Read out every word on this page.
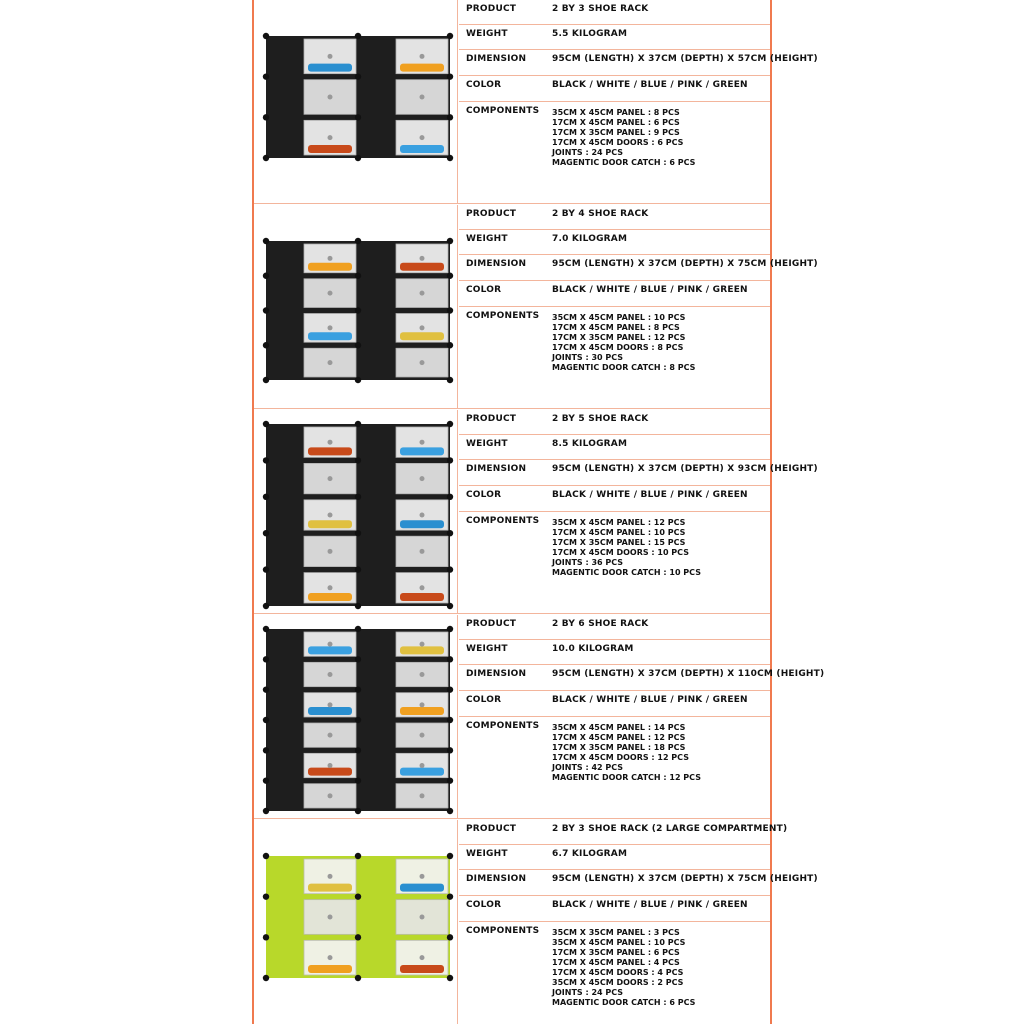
PRODUCT	2 BY 3 SHOE RACK
WEIGHT	5.5 KILOGRAM
DIMENSION	95CM (LENGTH) X 37CM (DEPTH) X 57CM (HEIGHT)
COLOR	BLACK / WHITE / BLUE / PINK / GREEN
COMPONENTS 35CM X 45CM PANEL : 8 PCS
17CM X 45CM PANEL : 6 PCS
17CM X 35CM PANEL : 9 PCS
17CM X 45CM DOORS : 6 PCS
JOINTS : 24 PCS
MAGENTIC DOOR CATCH : 6 PCS
PRODUCT	2 BY 4 SHOE RACK
WEIGHT	7.0 KILOGRAM
DIMENSION	95CM (LENGTH) X 37CM (DEPTH) X 75CM (HEIGHT)
COLOR	BLACK / WHITE / BLUE / PINK / GREEN
COMPONENTS 35CM X 45CM PANEL : 10 PCS
17CM X 45CM PANEL : 8 PCS
17CM X 35CM PANEL : 12 PCS
17CM X 45CM DOORS : 8 PCS
JOINTS : 30 PCS
MAGENTIC DOOR CATCH : 8 PCS
PRODUCT	2 BY 5 SHOE RACK
WEIGHT	8.5 KILOGRAM
DIMENSION	95CM (LENGTH) X 37CM (DEPTH) X 93CM (HEIGHT)
COLOR	BLACK / WHITE / BLUE / PINK / GREEN
COMPONENTS 35CM X 45CM PANEL : 12 PCS
17CM X 45CM PANEL : 10 PCS
17CM X 35CM PANEL : 15 PCS
17CM X 45CM DOORS : 10 PCS
JOINTS : 36 PCS
MAGENTIC DOOR CATCH : 10 PCS
PRODUCT	2 BY 6 SHOE RACK
WEIGHT	10.0 KILOGRAM
DIMENSION	95CM (LENGTH) X 37CM (DEPTH) X 110CM (HEIGHT)
COLOR	BLACK / WHITE / BLUE / PINK / GREEN
COMPONENTS 35CM X 45CM PANEL : 14 PCS
17CM X 45CM PANEL : 12 PCS
17CM X 35CM PANEL : 18 PCS
17CM X 45CM DOORS : 12 PCS
JOINTS : 42 PCS
MAGENTIC DOOR CATCH : 12 PCS
PRODUCT	2 BY 3 SHOE RACK (2 LARGE COMPARTMENT)
WEIGHT	6.7 KILOGRAM
DIMENSION	95CM (LENGTH) X 37CM (DEPTH) X 75CM (HEIGHT)
COLOR	BLACK / WHITE / BLUE / PINK / GREEN
COMPONENTS 35CM X 35CM PANEL : 3 PCS
35CM X 45CM PANEL : 10 PCS
17CM X 35CM PANEL : 6 PCS
17CM X 45CM PANEL : 4 PCS
17CM X 45CM DOORS : 4 PCS
35CM X 45CM DOORS : 2 PCS
JOINTS : 24 PCS
MAGENTIC DOOR CATCH : 6 PCS
